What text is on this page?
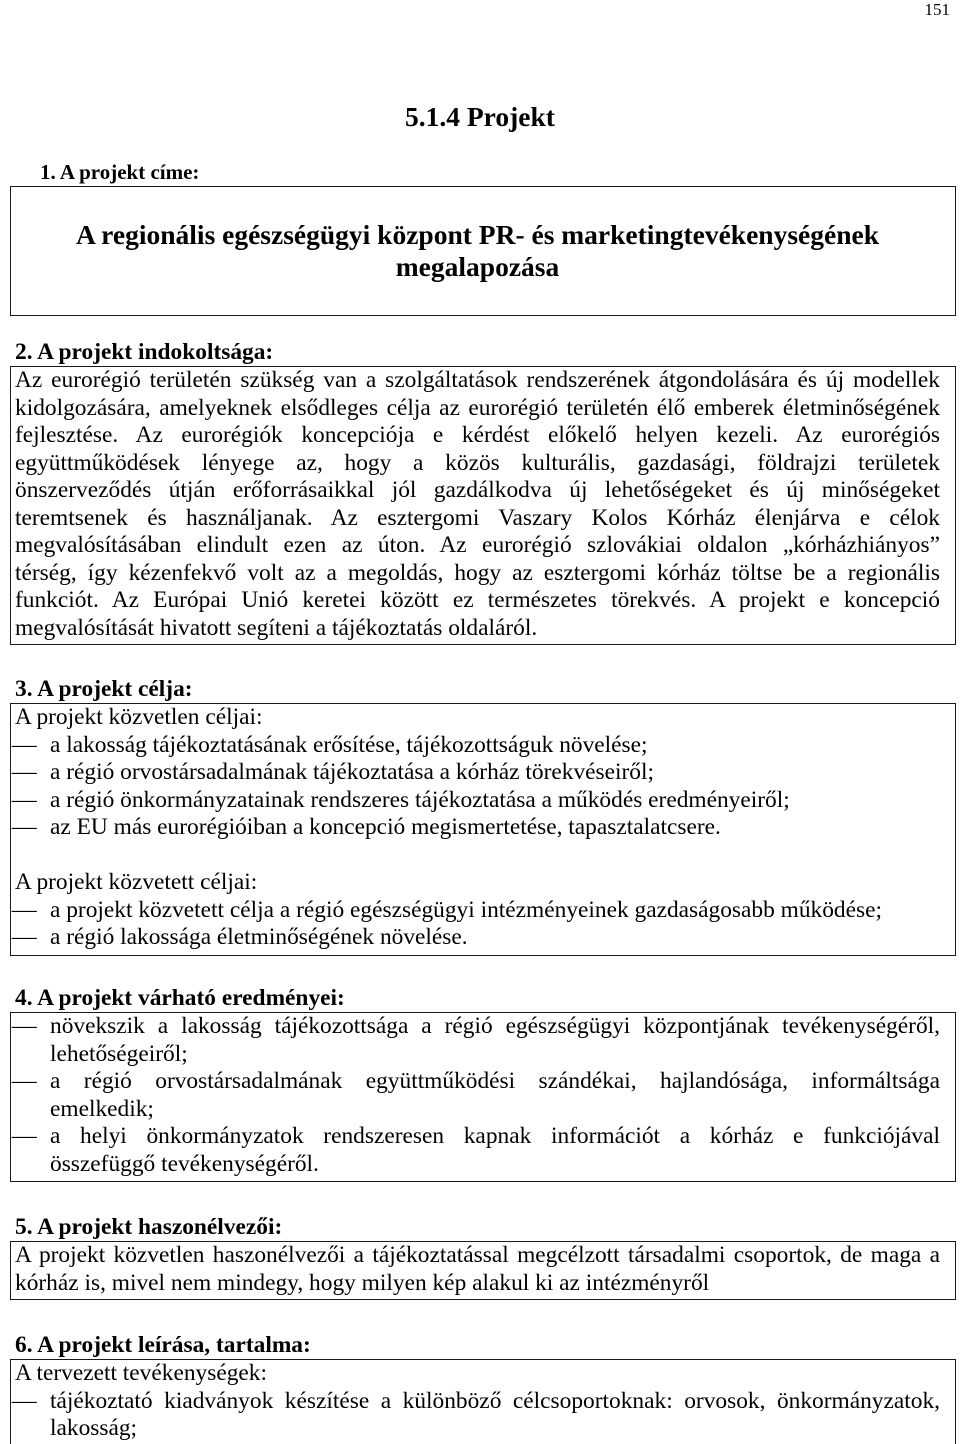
151
5.1.4 Projekt
1. A projekt címe:
A regionális egészségügyi központ PR- és marketingtevékenységének
megalapozása
2. A projekt indokoltsága:
Az eurorégió területén szükség van a szolgáltatások rendszerének átgondolására és új modellek
kidolgozására, amelyeknek elsődleges célja az eurorégió területén élő emberek életminőségének
fejlesztése. Az eurorégiók koncepciója e kérdést előkelő helyen kezeli. Az eurorégiós
együttműködések lényege az, hogy a közös kulturális, gazdasági, földrajzi területek
önszerveződés útján erőforrásaikkal jól gazdálkodva új lehetőségeket és új minőségeket
teremtsenek és használjanak. Az esztergomi Vaszary Kolos Kórház élenjárva e célok
megvalósításában elindult ezen az úton. Az eurorégió szlovákiai oldalon „kórházhiányos”
térség, így kézenfekvő volt az a megoldás, hogy az esztergomi kórház töltse be a regionális
funkciót. Az Európai Unió keretei között ez természetes törekvés. A projekt e koncepció
megvalósítását hivatott segíteni a tájékoztatás oldaláról.
3. A projekt célja:
A projekt közvetlen céljai:
– a lakosság tájékoztatásának erősítése, tájékozottságuk növelése;
– a régió orvostársadalmának tájékoztatása a kórház törekvéseiről;
– a régió önkormányzatainak rendszeres tájékoztatása a működés eredményeiről;
– az EU más eurorégióiban a koncepció megismertetése, tapasztalatcsere.
A projekt közvetett céljai:
– a projekt közvetett célja a régió egészségügyi intézményeinek gazdaságosabb működése;
– a régió lakossága életminőségének növelése.
4. A projekt várható eredményei:
– növekszik a lakosság tájékozottsága a régió egészségügyi központjának tevékenységéről,
lehetőségeiről;
– a régió orvostársadalmának együttműködési szándékai, hajlandósága, informáltsága
emelkedik;
– a helyi önkormányzatok rendszeresen kapnak információt a kórház e funkciójával
összefüggő tevékenységéről.
5. A projekt haszonélvezői:
A projekt közvetlen haszonélvezői a tájékoztatással megcélzott társadalmi csoportok, de maga a
kórház is, mivel nem mindegy, hogy milyen kép alakul ki az intézményről
6. A projekt leírása, tartalma:
A tervezett tevékenységek:
– tájékoztató kiadványok készítése a különböző célcsoportoknak: orvosok, önkormányzatok,
lakosság;
